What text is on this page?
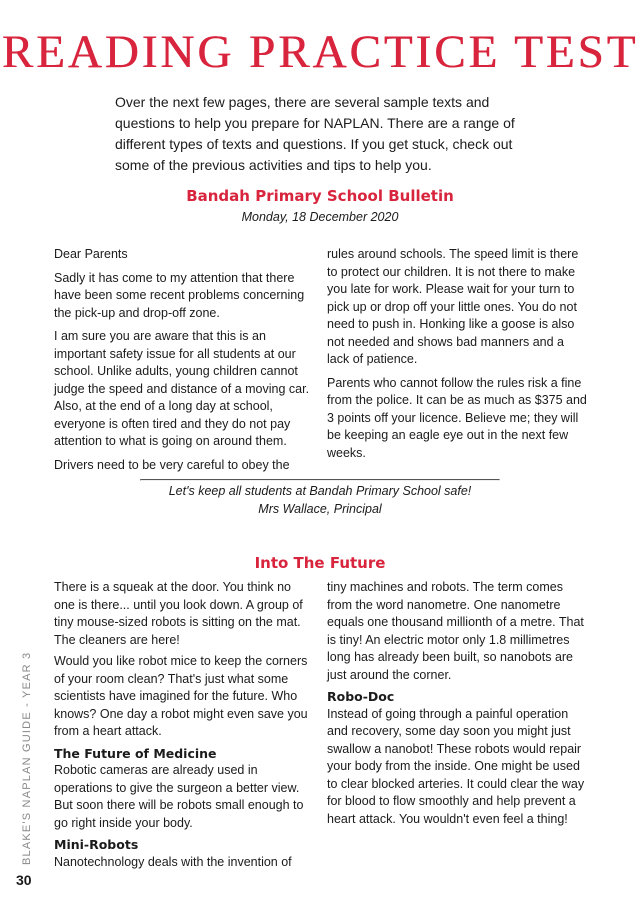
READING PRACTICE TEST

Over the next few pages, there are several sample texts and questions to help you prepare for NAPLAN. There are a range of different types of texts and questions. If you get stuck, check out some of the previous activities and tips to help you.

Bandah Primary School Bulletin

Monday, 18 December 2020

Dear Parents

Sadly it has come to my attention that there have been some recent problems concerning the pick-up and drop-off zone.

I am sure you are aware that this is an important safety issue for all students at our school. Unlike adults, young children cannot judge the speed and distance of a moving car. Also, at the end of a long day at school, everyone is often tired and they do not pay attention to what is going on around them.

Drivers need to be very careful to obey the

rules around schools. The speed limit is there to protect our children. It is not there to make you late for work. Please wait for your turn to pick up or drop off your little ones. You do not need to push in. Honking like a goose is also not needed and shows bad manners and a lack of patience.

Parents who cannot follow the rules risk a fine from the police. It can be as much as $375 and 3 points off your licence. Believe me; they will be keeping an eagle eye out in the next few weeks.

Let's keep all students at Bandah Primary School safe!
Mrs Wallace, Principal

Into The Future

There is a squeak at the door. You think no one is there... until you look down. A group of tiny mouse-sized robots is sitting on the mat. The cleaners are here!

Would you like robot mice to keep the corners of your room clean? That's just what some scientists have imagined for the future. Who knows? One day a robot might even save you from a heart attack.

The Future of Medicine

Robotic cameras are already used in operations to give the surgeon a better view. But soon there will be robots small enough to go right inside your body.

Mini-Robots

Nanotechnology deals with the invention of

tiny machines and robots. The term comes from the word nanometre. One nanometre equals one thousand millionth of a metre. That is tiny! An electric motor only 1.8 millimetres long has already been built, so nanobots are just around the corner.

Robo-Doc

Instead of going through a painful operation and recovery, some day soon you might just swallow a nanobot! These robots would repair your body from the inside. One might be used to clear blocked arteries. It could clear the way for blood to flow smoothly and help prevent a heart attack. You wouldn't even feel a thing!

BLAKE'S NAPLAN GUIDE - YEAR 3

30
